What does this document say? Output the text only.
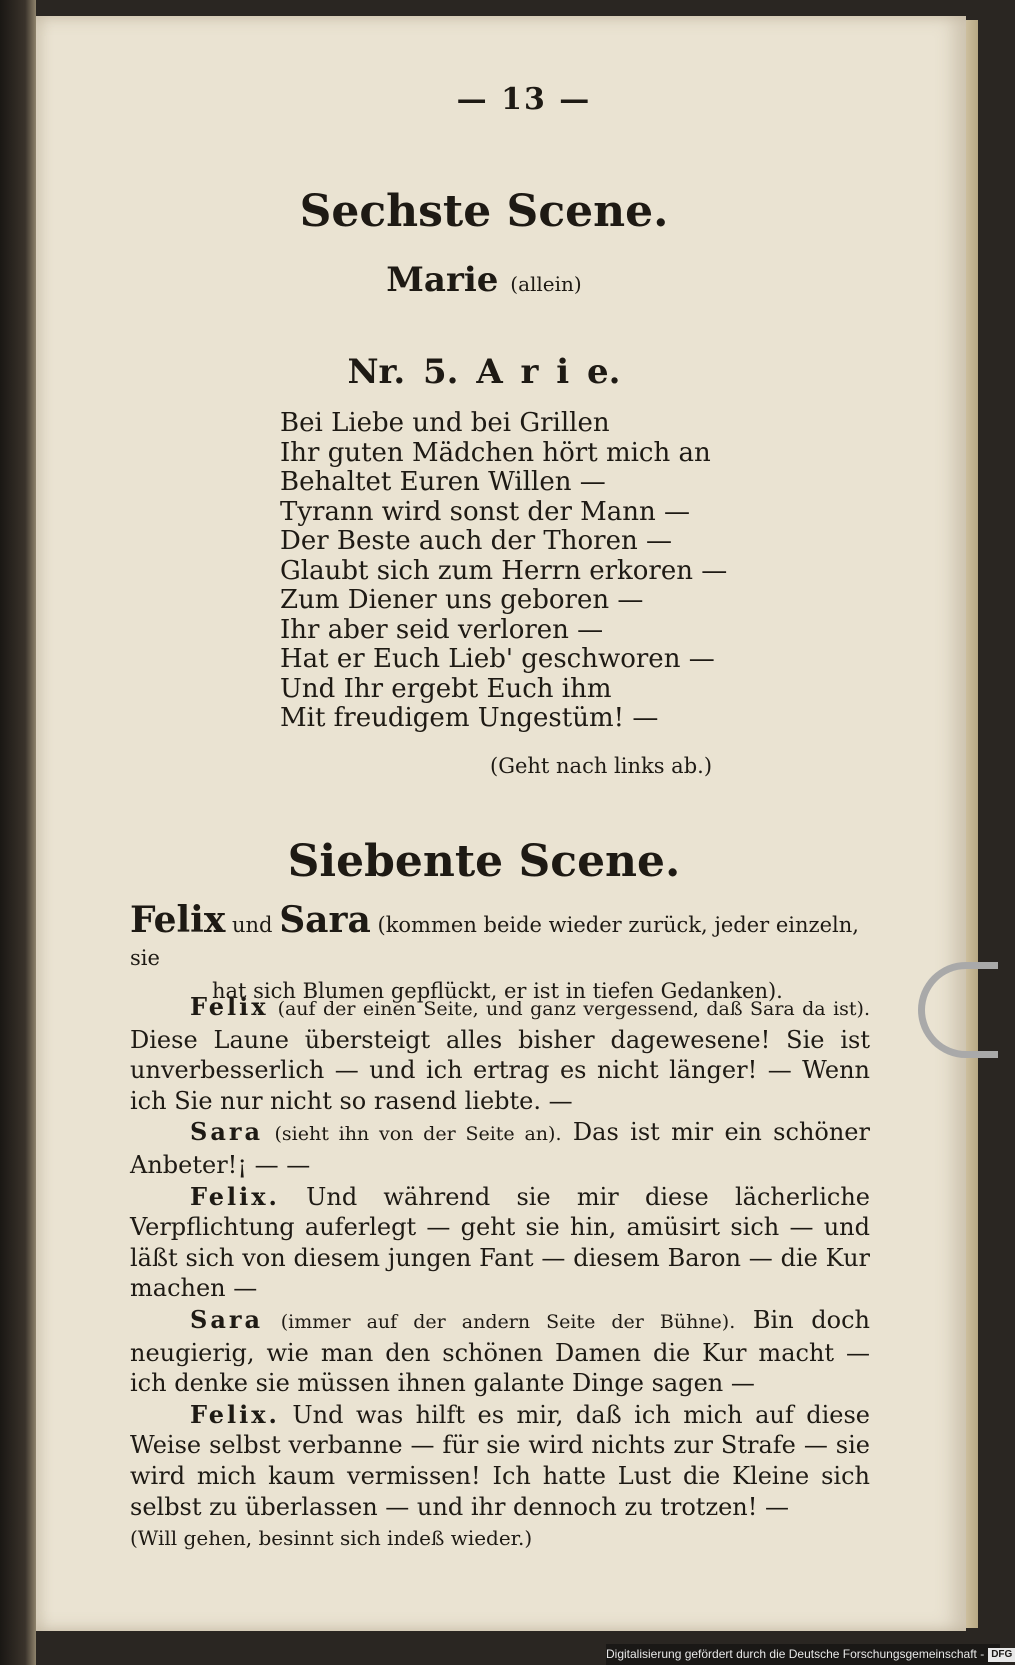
— 13 —
Sechste Scene.
Marie (allein)
Nr. 5. A r i e.
Bei Liebe und bei Grillen
Ihr guten Mädchen hört mich an
Behaltet Euren Willen —
Tyrann wird sonst der Mann —
Der Beste auch der Thoren —
Glaubt sich zum Herrn erkoren —
Zum Diener uns geboren —
Ihr aber seid verloren —
Hat er Euch Lieb' geschworen —
Und Ihr ergebt Euch ihm
Mit freudigem Ungestüm! —
(Geht nach links ab.)
Siebente Scene.
Felix und Sara (kommen beide wieder zurück, jeder einzeln, sie
hat sich Blumen gepflückt, er ist in tiefen Gedanken).

Felix (auf der einen Seite, und ganz vergessend, daß Sara da ist). Diese Laune übersteigt alles bisher dagewesene! Sie ist unverbesserlich — und ich ertrag es nicht länger! — Wenn ich Sie nur nicht so rasend liebte. —

Sara (sieht ihn von der Seite an). Das ist mir ein schöner Anbeter!¡ — —

Felix. Und während sie mir diese lächerliche Verpflichtung auferlegt — geht sie hin, amüsirt sich — und läßt sich von diesem jungen Fant — diesem Baron — die Kur machen —

Sara (immer auf der andern Seite der Bühne). Bin doch neugierig, wie man den schönen Damen die Kur macht — ich denke sie müssen ihnen galante Dinge sagen —

Felix. Und was hilft es mir, daß ich mich auf diese Weise selbst verbanne — für sie wird nichts zur Strafe — sie wird mich kaum vermissen! Ich hatte Lust die Kleine sich selbst zu überlassen — und ihr dennoch zu trotzen! —

(Will gehen, besinnt sich indeß wieder.)

Digitalisierung gefördert durch die Deutsche Forschungsgemeinschaft - DFG
